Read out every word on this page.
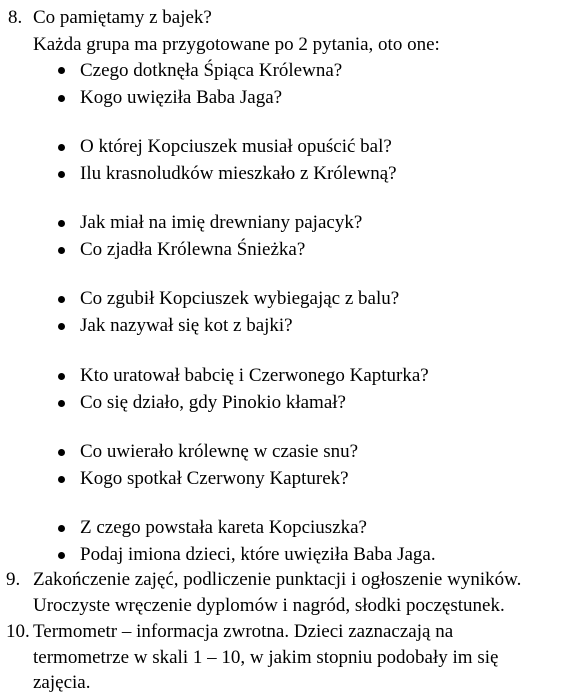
8. Co pamiętamy z bajek?
Każda grupa ma przygotowane po 2 pytania, oto one:
Czego dotknęła Śpiąca Królewna?
Kogo uwięziła Baba Jaga?
O której Kopciuszek musiał opuścić bal?
Ilu krasnoludków mieszkało z Królewną?
Jak miał na imię drewniany pajacyk?
Co zjadła Królewna Śnieżka?
Co zgubił Kopciuszek wybiegając z balu?
Jak nazywał się kot z bajki?
Kto uratował babcię i Czerwonego Kapturka?
Co się działo, gdy Pinokio kłamał?
Co uwierało królewnę w czasie snu?
Kogo spotkał Czerwony Kapturek?
Z czego powstała kareta Kopciuszka?
Podaj imiona dzieci, które uwięziła Baba Jaga.
9. Zakończenie zajęć, podliczenie punktacji i ogłoszenie wyników.
Uroczyste wręczenie dyplomów i nagród, słodki poczęstunek.
10. Termometr – informacja zwrotna. Dzieci zaznaczają na
termometrze w skali 1 – 10, w jakim stopniu podobały im się
zajęcia.
